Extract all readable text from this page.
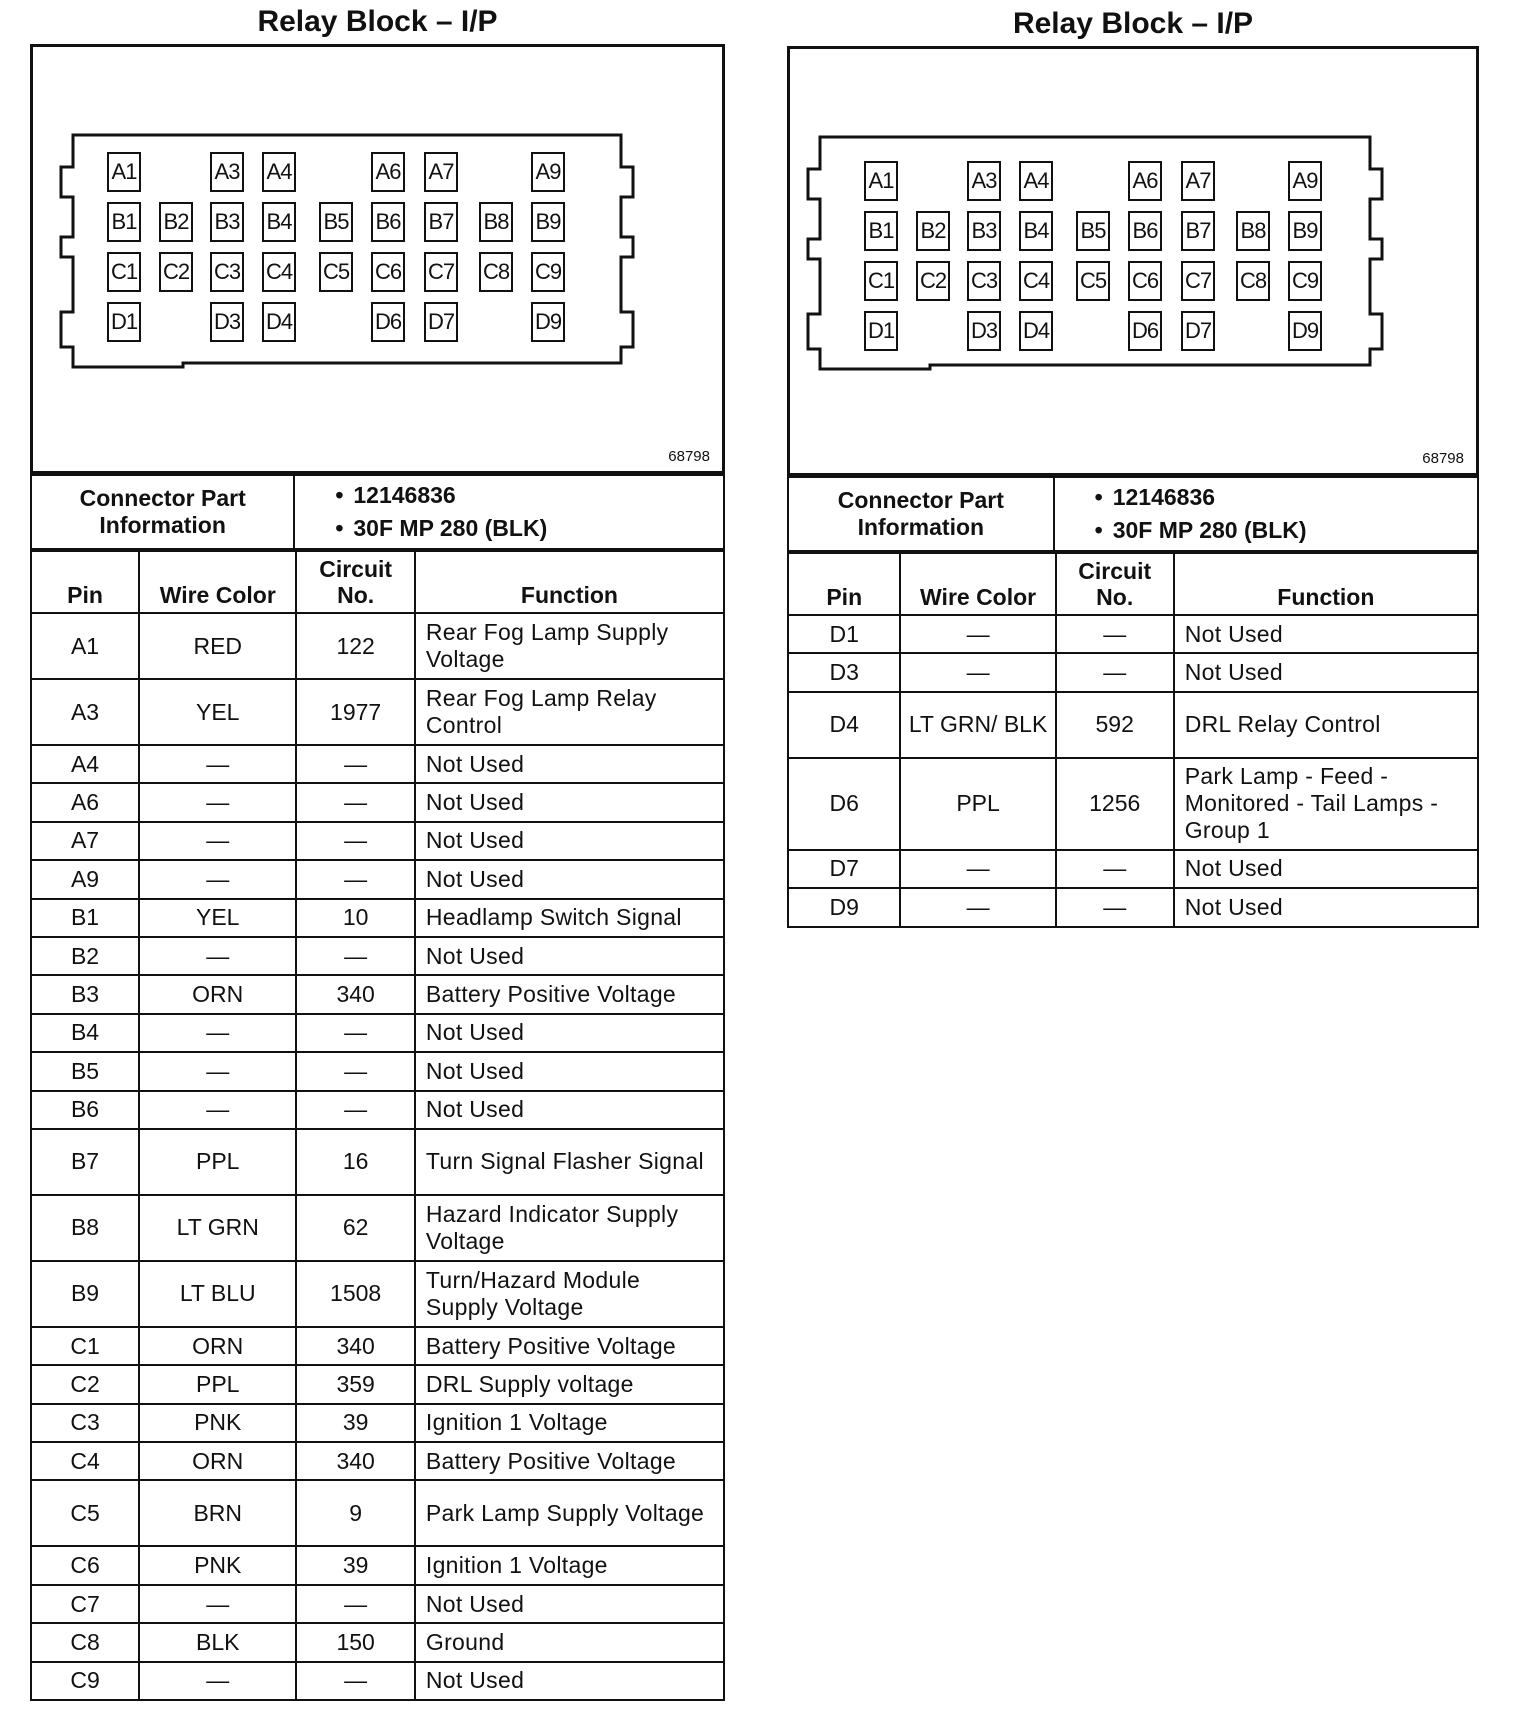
Relay Block – I/P
A1	A3 A4	A6 A7	A9
B1 B2 B3 B4 B5 B6 B7 B8 B9
C1 C2 C3 C4 C5 C6 C7 C8 C9
D1	D3 D4	D6 D7	D9
68798
Connector Part Information	
• 12146836
• 30F MP 280 (BLK)
Pin	Wire Color	Circuit No.	Function
A1	RED	122	Rear Fog Lamp Supply Voltage
A3	YEL	1977	Rear Fog Lamp Relay Control
A4	—	—	Not Used
A6	—	—	Not Used
A7	—	—	Not Used
A9	—	—	Not Used
B1	YEL	10	Headlamp Switch Signal
B2	—	—	Not Used
B3	ORN	340	Battery Positive Voltage
B4	—	—	Not Used
B5	—	—	Not Used
B6	—	—	Not Used
B7	PPL	16	Turn Signal Flasher Signal
B8	LT GRN	62	Hazard Indicator Supply Voltage
B9	LT BLU	1508	Turn/Hazard Module Supply Voltage
C1	ORN	340	Battery Positive Voltage
C2	PPL	359	DRL Supply voltage
C3	PNK	39	Ignition 1 Voltage
C4	ORN	340	Battery Positive Voltage
C5	BRN	9	Park Lamp Supply Voltage
C6	PNK	39	Ignition 1 Voltage
C7	—	—	Not Used
C8	BLK	150	Ground
C9	—	—	Not Used
Relay Block – I/P
A1	A3 A4	A6 A7	A9
B1 B2 B3 B4 B5 B6 B7 B8 B9
C1 C2 C3 C4 C5 C6 C7 C8 C9
D1	D3 D4	D6 D7	D9
68798
Connector Part Information	
• 12146836
• 30F MP 280 (BLK)
Pin	Wire Color	Circuit No.	Function
D1	—	—	Not Used
D3	—	—	Not Used
D4	LT GRN/ BLK	592	DRL Relay Control
D6	PPL	1256	Park Lamp - Feed - Monitored - Tail Lamps - Group 1
D7	—	—	Not Used
D9	—	—	Not Used
